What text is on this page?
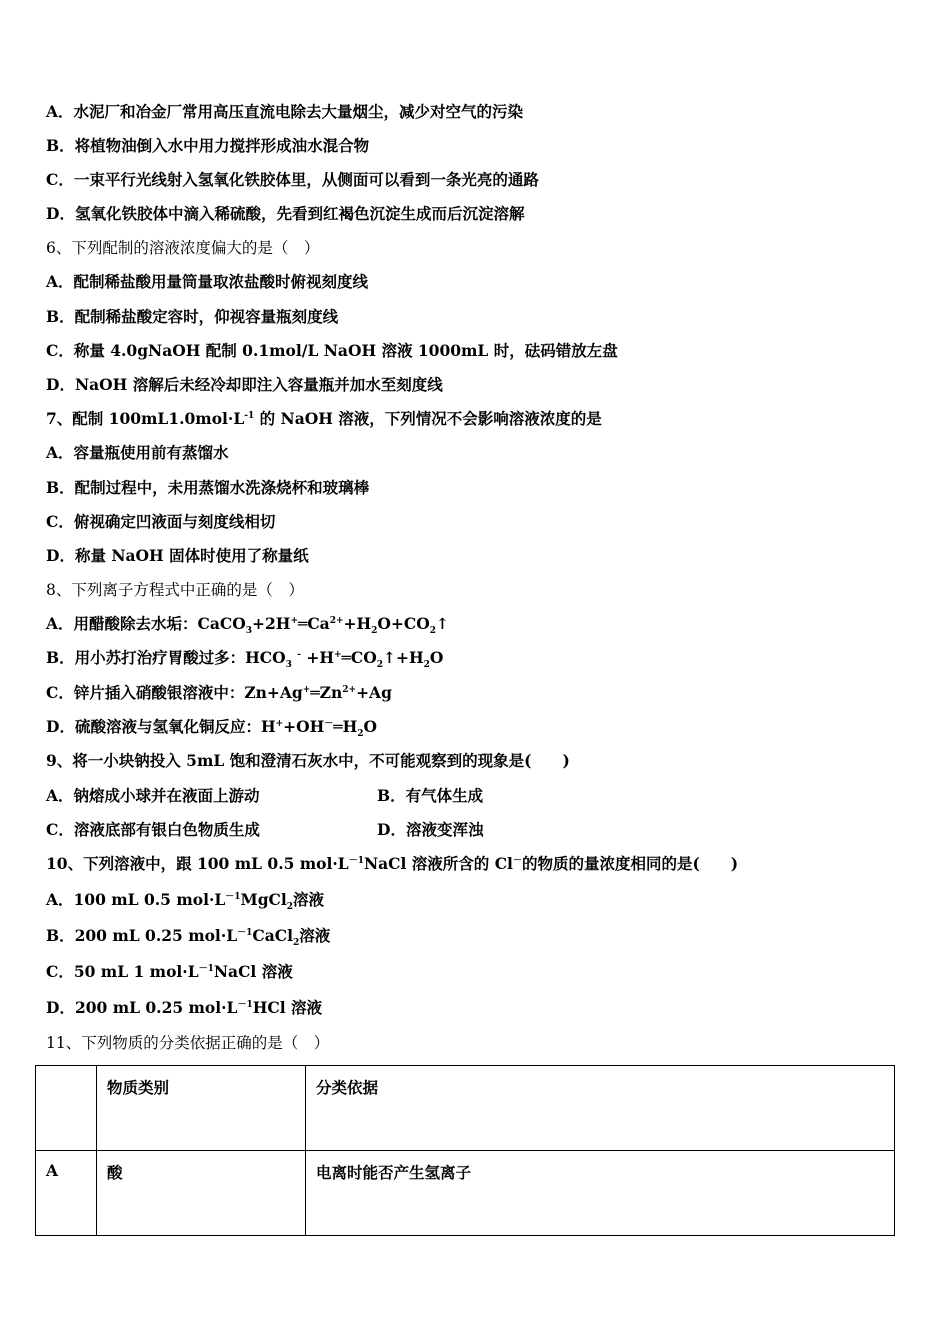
A．水泥厂和冶金厂常用高压直流电除去大量烟尘，减少对空气的污染
B．将植物油倒入水中用力搅拌形成油水混合物
C．一束平行光线射入氢氧化铁胶体里，从侧面可以看到一条光亮的通路
D．氢氧化铁胶体中滴入稀硫酸，先看到红褐色沉淀生成而后沉淀溶解
6、下列配制的溶液浓度偏大的是（　）
A．配制稀盐酸用量筒量取浓盐酸时俯视刻度线
B．配制稀盐酸定容时，仰视容量瓶刻度线
C．称量 4.0gNaOH 配制 0.1mol/L NaOH 溶液 1000mL 时，砝码错放左盘
D．NaOH 溶解后未经冷却即注入容量瓶并加水至刻度线
7、配制 $100mL1.0mol\cdot L^{-1}$ 的 NaOH 溶液，下列情况不会影响溶液浓度的是
A．容量瓶使用前有蒸馏水
B．配制过程中，未用蒸馏水洗涤烧杯和玻璃棒
C．俯视确定凹液面与刻度线相切
D．称量 NaOH 固体时使用了称量纸
8、下列离子方程式中正确的是（　）
A．用醋酸除去水垢：$CaCO_3+2H^+═Ca^{2+}+H_2O+CO_2↑$
B．用小苏打治疗胃酸过多：$HCO_3$ $^- +H^+═CO_2↑+H_2O$
C．锌片插入硝酸银溶液中：$Zn+Ag^+═Zn^{2+}+Ag$
D．硫酸溶液与氢氧化铜反应：$H^++OH^-═H_2O$
9、将一小块钠投入 5mL 饱和澄清石灰水中，不可能观察到的现象是(　　)
A．钠熔成小球并在液面上游动	B．有气体生成
C．溶液底部有银白色物质生成	D．溶液变浑浊
10、下列溶液中，跟 100 mL 0.5 $mol\cdot L^{-1}NaCl$ 溶液所含的 Cl－的物质的量浓度相同的是(　　)
A．100 mL 0.5 $mol\cdot L^{-1}MgCl_2$溶液
B．200 mL 0.25 $mol\cdot L^{-1}CaCl_2$溶液
C．50 mL 1 $mol\cdot L^{-1}NaCl$ 溶液
D．200 mL 0.25 $mol\cdot L^{-1}HCl$ 溶液
11、下列物质的分类依据正确的是（　）
	物质类别	分类依据
A	酸	电离时能否产生氢离子
